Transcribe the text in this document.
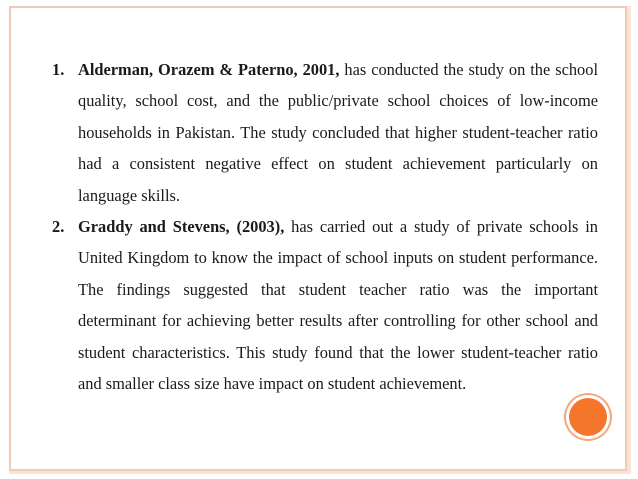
1. Alderman, Orazem & Paterno, 2001, has conducted the study on the school quality, school cost, and the public/private school choices of low-income households in Pakistan. The study concluded that higher student-teacher ratio had a consistent negative effect on student achievement particularly on language skills.
2. Graddy and Stevens, (2003), has carried out a study of private schools in United Kingdom to know the impact of school inputs on student performance. The findings suggested that student teacher ratio was the important determinant for achieving better results after controlling for other school and student characteristics. This study found that the lower student-teacher ratio and smaller class size have impact on student achievement.
